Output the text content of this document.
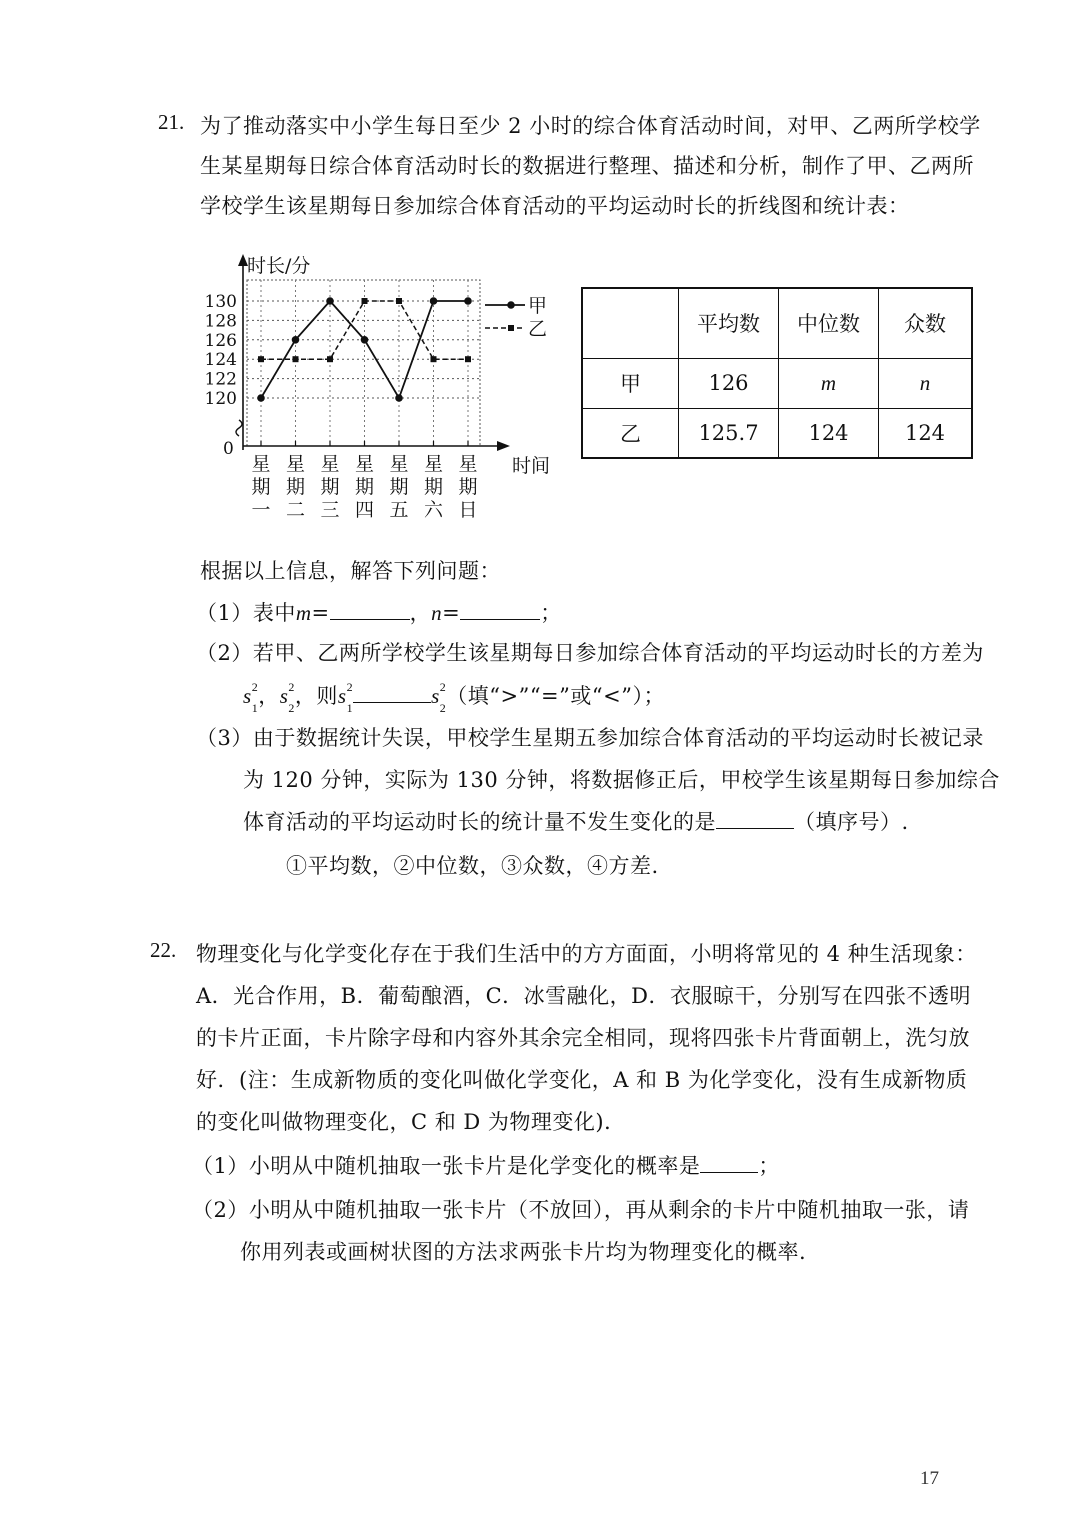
21. 为了推动落实中小学生每日至少 2 小时的综合体育活动时间，对甲、乙两所学校学
生某星期每日综合体育活动时长的数据进行整理、描述和分析，制作了甲、乙两所
学校学生该星期每日参加综合体育活动的平均运动时长的折线图和统计表：
120
122
124
126
128
130
时长/分
0
时间
星
期
一
星
期
二
星
期
三
星
期
四
星
期
五
星
期
六
星
期
日
甲
乙
		平均数	中位数	众数
甲	126	m	n
乙	125.7	124	124
根据以上信息，解答下列问题：
（1）表中m=	，n=	；
（2）若甲、乙两所学校学生该星期每日参加综合体育活动的平均运动时长的方差为
$s^2$
$_1$，$s^2$
$_2$，则$s^2$
$_1s^2$
$_2$（填“>”“=”或“<”）；
（3）由于数据统计失误，甲校学生星期五参加综合体育活动的平均运动时长被记录
为 120 分钟，实际为 130 分钟，将数据修正后，甲校学生该星期每日参加综合
体育活动的平均运动时长的统计量不发生变化的是	（填序号）.
①平均数，②中位数，③众数，④方差.
22. 物理变化与化学变化存在于我们生活中的方方面面，小明将常见的 4 种生活现象：
A．光合作用，B．葡萄酿酒，C．冰雪融化，D．衣服晾干，分别写在四张不透明
的卡片正面，卡片除字母和内容外其余完全相同，现将四张卡片背面朝上，洗匀放
好．(注：生成新物质的变化叫做化学变化，A 和 B 为化学变化，没有生成新物质
的变化叫做物理变化，C 和 D 为物理变化)．
（1）小明从中随机抽取一张卡片是化学变化的概率是	；
（2）小明从中随机抽取一张卡片（不放回），再从剩余的卡片中随机抽取一张，请
你用列表或画树状图的方法求两张卡片均为物理变化的概率.
17
